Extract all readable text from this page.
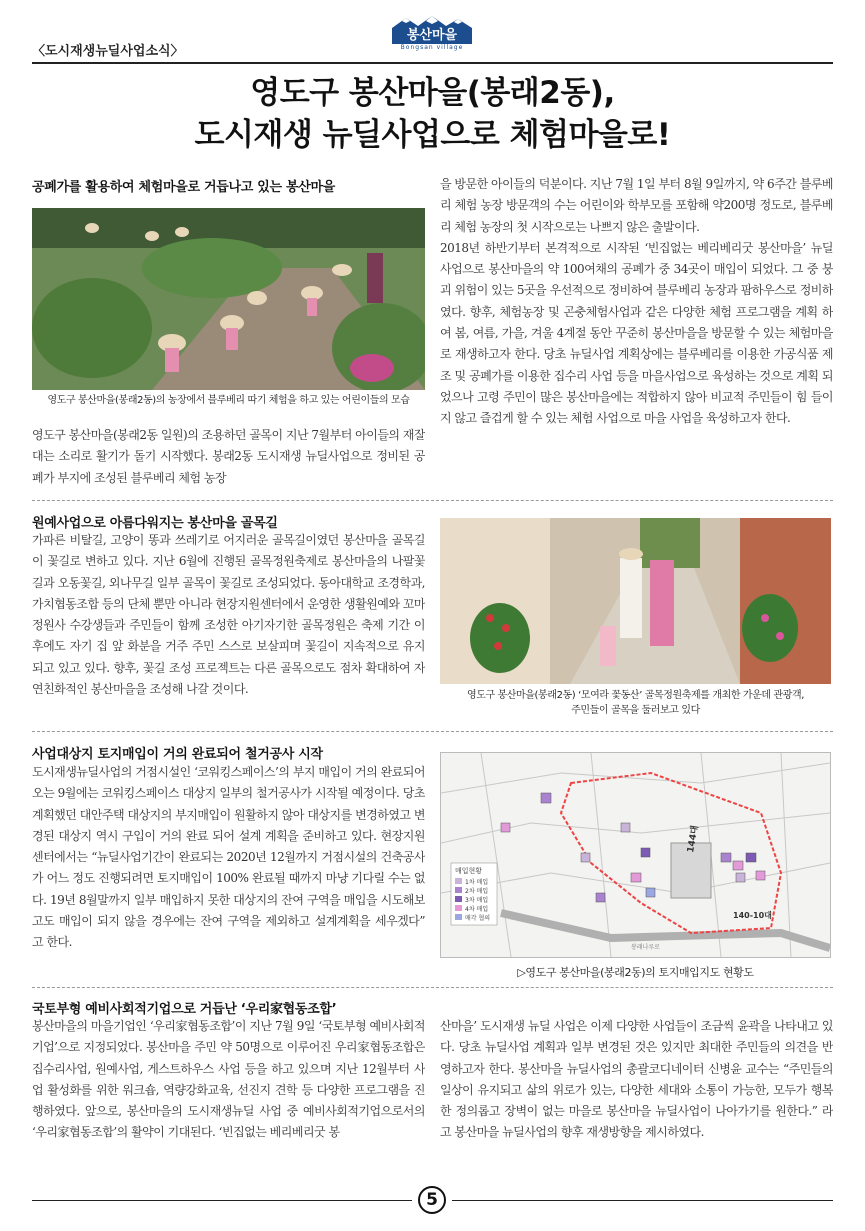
〈도시재생뉴딜사업소식〉
봉산마을
Bongsan village
영도구 봉산마을(봉래2동),
도시재생 뉴딜사업으로 체험마을로!
공폐가를 활용하여 체험마을로 거듭나고 있는 봉산마을
영도구 봉산마을(봉래2동)의 농장에서 블루베리 따기 체험을 하고 있는 어린이들의 모습
영도구 봉산마을(봉래2동 일원)의 조용하던 골목이 지난 7월부터 아이들의 재잘대는 소리로 활기가 돌기 시작했다. 봉래2동 도시재생 뉴딜사업으로 정비된 공폐가 부지에 조성된 블루베리 체험 농장

을 방문한 아이들의 덕분이다. 지난 7월 1일 부터 8월 9일까지, 약 6주간 블루베리 체험 농장 방문객의 수는 어린이와 학부모를 포함해 약200명 정도로, 블루베리 체험 농장의 첫 시작으로는 나쁘지 않은 출발이다.

2018년 하반기부터 본격적으로 시작된 ‘빈집없는 베리베리굿 봉산마을’ 뉴딜 사업으로 봉산마을의 약 100여채의 공폐가 중 34곳이 매입이 되었다. 그 중 붕괴 위험이 있는 5곳을 우선적으로 정비하여 블루베리 농장과 팜하우스로 정비하였다. 향후, 체험농장 및 곤충체험사업과 같은 다양한 체험 프로그램을 계획 하여 봄, 여름, 가을, 겨울 4계절 동안 꾸준히 봉산마을을 방문할 수 있는 체험마을로 재생하고자 한다. 당초 뉴딜사업 계획상에는 블루베리를 이용한 가공식품 제조 및 공폐가를 이용한 집수리 사업 등을 마을사업으로 육성하는 것으로 계획 되었으나 고령 주민이 많은 봉산마을에는 적합하지 않아 비교적 주민들이 힘 들이지 않고 즐겁게 할 수 있는 체험 사업으로 마을 사업을 육성하고자 한다.

원예사업으로 아름다워지는 봉산마을 골목길
가파른 비탈길, 고양이 똥과 쓰레기로 어지러운 골목길이였던 봉산마을 골목길이 꽃길로 변하고 있다. 지난 6월에 진행된 골목정원축제로 봉산마을의 나팔꽃길과 오동꽃길, 외나무길 일부 골목이 꽃길로 조성되었다. 동아대학교 조경학과, 가치협동조합 등의 단체 뿐만 아니라 현장지원센터에서 운영한 생활원예와 꼬마정원사 수강생들과 주민들이 함께 조성한 아기자기한 골목정원은 축제 기간 이후에도 자기 집 앞 화분을 거주 주민 스스로 보살피며 꽃길이 지속적으로 유지 되고 있고 있다. 향후, 꽃길 조성 프로젝트는 다른 골목으로도 점차 확대하여 자연친화적인 봉산마을을 조성해 나갈 것이다.	영도구 봉산마을(봉래2동) ‘모여라 꽃동산’ 골목정원축제를 개최한 가운데 관광객,
주민들이 골목을 둘러보고 있다
사업대상지 토지매입이 거의 완료되어 철거공사 시작
도시재생뉴딜사업의 거점시설인 ‘코워킹스페이스’의 부지 매입이 거의 완료되어 오는 9월에는 코워킹스페이스 대상지 일부의 철거공사가 시작될 예정이다. 당초 계획했던 대안주택 대상지의 부지매입이 원활하지 않아 대상지를 변경하였고 변경된 대상지 역시 구입이 거의 완료 되어 설계 계획을 준비하고 있다. 현장지원센터에서는 “뉴딜사업기간이 완료되는 2020년 12월까지 거점시설의 건축공사가 어느 정도 진행되려면 토지매입이 100% 완료될 때까지 마냥 기다릴 수는 없다. 19년 8월말까지 일부 매입하지 못한 대상지의 잔여 구역을 매입을 시도해보고도 매입이 되지 않을 경우에는 잔여 구역을 제외하고 설계계획을 세우겠다” 고 한다.
매입현황
1차 매입
2차 매입
3차 매입
4차 매입
매각 협의
144대
140-10대
봉래나루로
▷영도구 봉산마을(봉래2동)의 토지매입지도 현황도
국토부형 예비사회적기업으로 거듭난 ‘우리家협동조합’
봉산마을의 마을기업인 ‘우리家협동조합’이 지난 7월 9일 ‘국토부형 예비사회적기업’으로 지정되었다. 봉산마을 주민 약 50명으로 이루어진 우리家협동조합은 집수리사업, 원예사업, 게스트하우스 사업 등을 하고 있으며 지난 12월부터 사업 활성화를 위한 워크숍, 역량강화교육, 선진지 견학 등 다양한 프로그램을 진행하였다. 앞으로, 봉산마을의 도시재생뉴딜 사업 중 예비사회적기업으로서의 ‘우리家협동조합’의 활약이 기대된다. ‘빈집없는 베리베리굿 봉
산마을’ 도시재생 뉴딜 사업은 이제 다양한 사업들이 조금씩 윤곽을 나타내고 있다. 당초 뉴딜사업 계획과 일부 변경된 것은 있지만 최대한 주민들의 의견을 반영하고자 한다. 봉산마을 뉴딜사업의 총괄코디네이터 신병윤 교수는 “주민들의 일상이 유지되고 삶의 위로가 있는, 다양한 세대와 소통이 가능한, 모두가 행복한 정의롭고 장벽이 없는 마을로 봉산마을 뉴딜사업이 나아가기를 원한다.” 라고 봉산마을 뉴딜사업의 향후 재생방향을 제시하였다.
5
